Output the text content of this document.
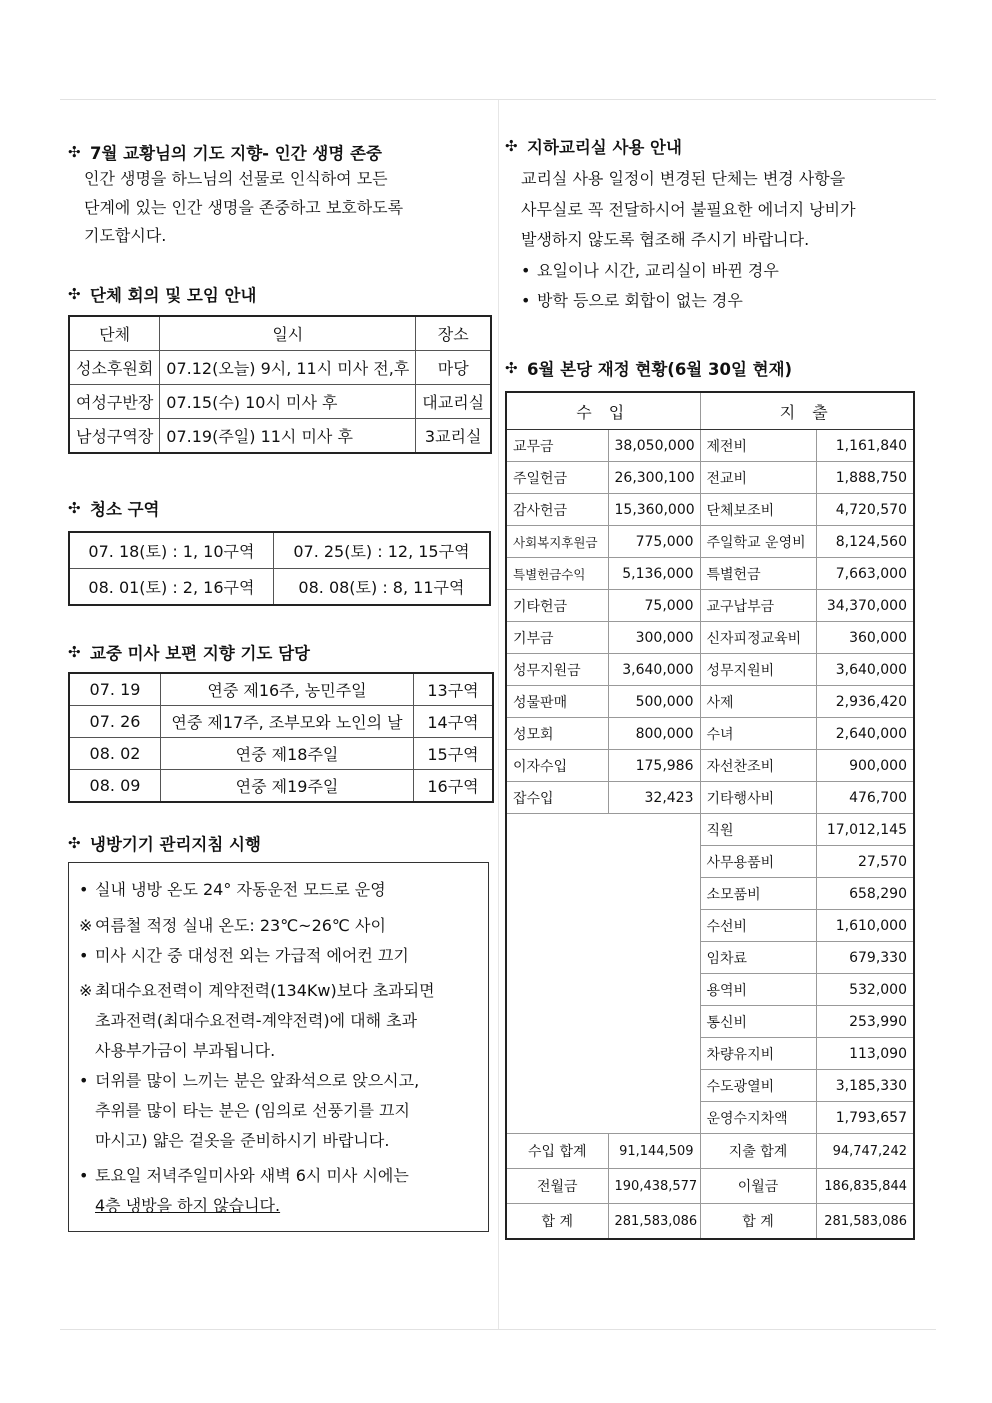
✣ 7월 교황님의 기도 지향- 인간 생명 존중
인간 생명을 하느님의 선물로 인식하여 모든
단계에 있는 인간 생명을 존중하고 보호하도록
기도합시다.
✣ 단체 회의 및 모임 안내
단체	일시	장소
성소후원회	07.12(오늘) 9시, 11시 미사 전,후	마당
여성구반장	07.15(수) 10시 미사 후	대교리실
남성구역장	07.19(주일) 11시 미사 후	3교리실
✣ 청소 구역
07. 18(토) : 1, 10구역	07. 25(토) : 12, 15구역
08. 01(토) : 2, 16구역	08. 08(토) : 8, 11구역
✣ 교중 미사 보편 지향 기도 담당
07. 19	연중 제16주, 농민주일	13구역
07. 26	연중 제17주, 조부모와 노인의 날	14구역
08. 02	연중 제18주일	15구역
08. 09	연중 제19주일	16구역
✣ 냉방기기 관리지침 시행
• 실내 냉방 온도 24° 자동운전 모드로 운영
※ 여름철 적정 실내 온도: 23℃~26℃ 사이
• 미사 시간 중 대성전 외는 가급적 에어컨 끄기
※ 최대수요전력이 계약전력(134Kw)보다 초과되면
초과전력(최대수요전력-계약전력)에 대해 초과
사용부가금이 부과됩니다.
• 더위를 많이 느끼는 분은 앞좌석으로 앉으시고,
추위를 많이 타는 분은 (임의로 선풍기를 끄지
마시고) 얇은 겉옷을 준비하시기 바랍니다.
• 토요일 저녁주일미사와 새벽 6시 미사 시에는
4층 냉방을 하지 않습니다.
✣ 지하교리실 사용 안내
교리실 사용 일정이 변경된 단체는 변경 사항을
사무실로 꼭 전달하시어 불필요한 에너지 낭비가
발생하지 않도록 협조해 주시기 바랍니다.
• 요일이나 시간, 교리실이 바뀐 경우
• 방학 등으로 회합이 없는 경우
✣ 6월 본당 재정 현황(6월 30일 현재)
수 입		지 출	
교무금	38,050,000	제전비	1,161,840
주일헌금	26,300,100	전교비	1,888,750
감사헌금	15,360,000	단체보조비	4,720,570
사회복지후원금	775,000	주일학교 운영비	8,124,560
특별헌금수익	5,136,000	특별헌금	7,663,000
기타헌금	75,000	교구납부금	34,370,000
기부금	300,000	신자피정교육비	360,000
성무지원금	3,640,000	성무지원비	3,640,000
성물판매	500,000	사제	2,936,420
성모회	800,000	수녀	2,640,000
이자수입	175,986	자선찬조비	900,000
잡수입	32,423	기타행사비	476,700
		직원	17,012,145
		사무용품비	27,570
		소모품비	658,290
		수선비	1,610,000
		임차료	679,330
		용역비	532,000
		통신비	253,990
		차량유지비	113,090
		수도광열비	3,185,330
		운영수지차액	1,793,657
수입 합계	91,144,509	지출 합계	94,747,242
전월금	190,438,577	이월금	186,835,844
합 계	281,583,086	합 계	281,583,086
